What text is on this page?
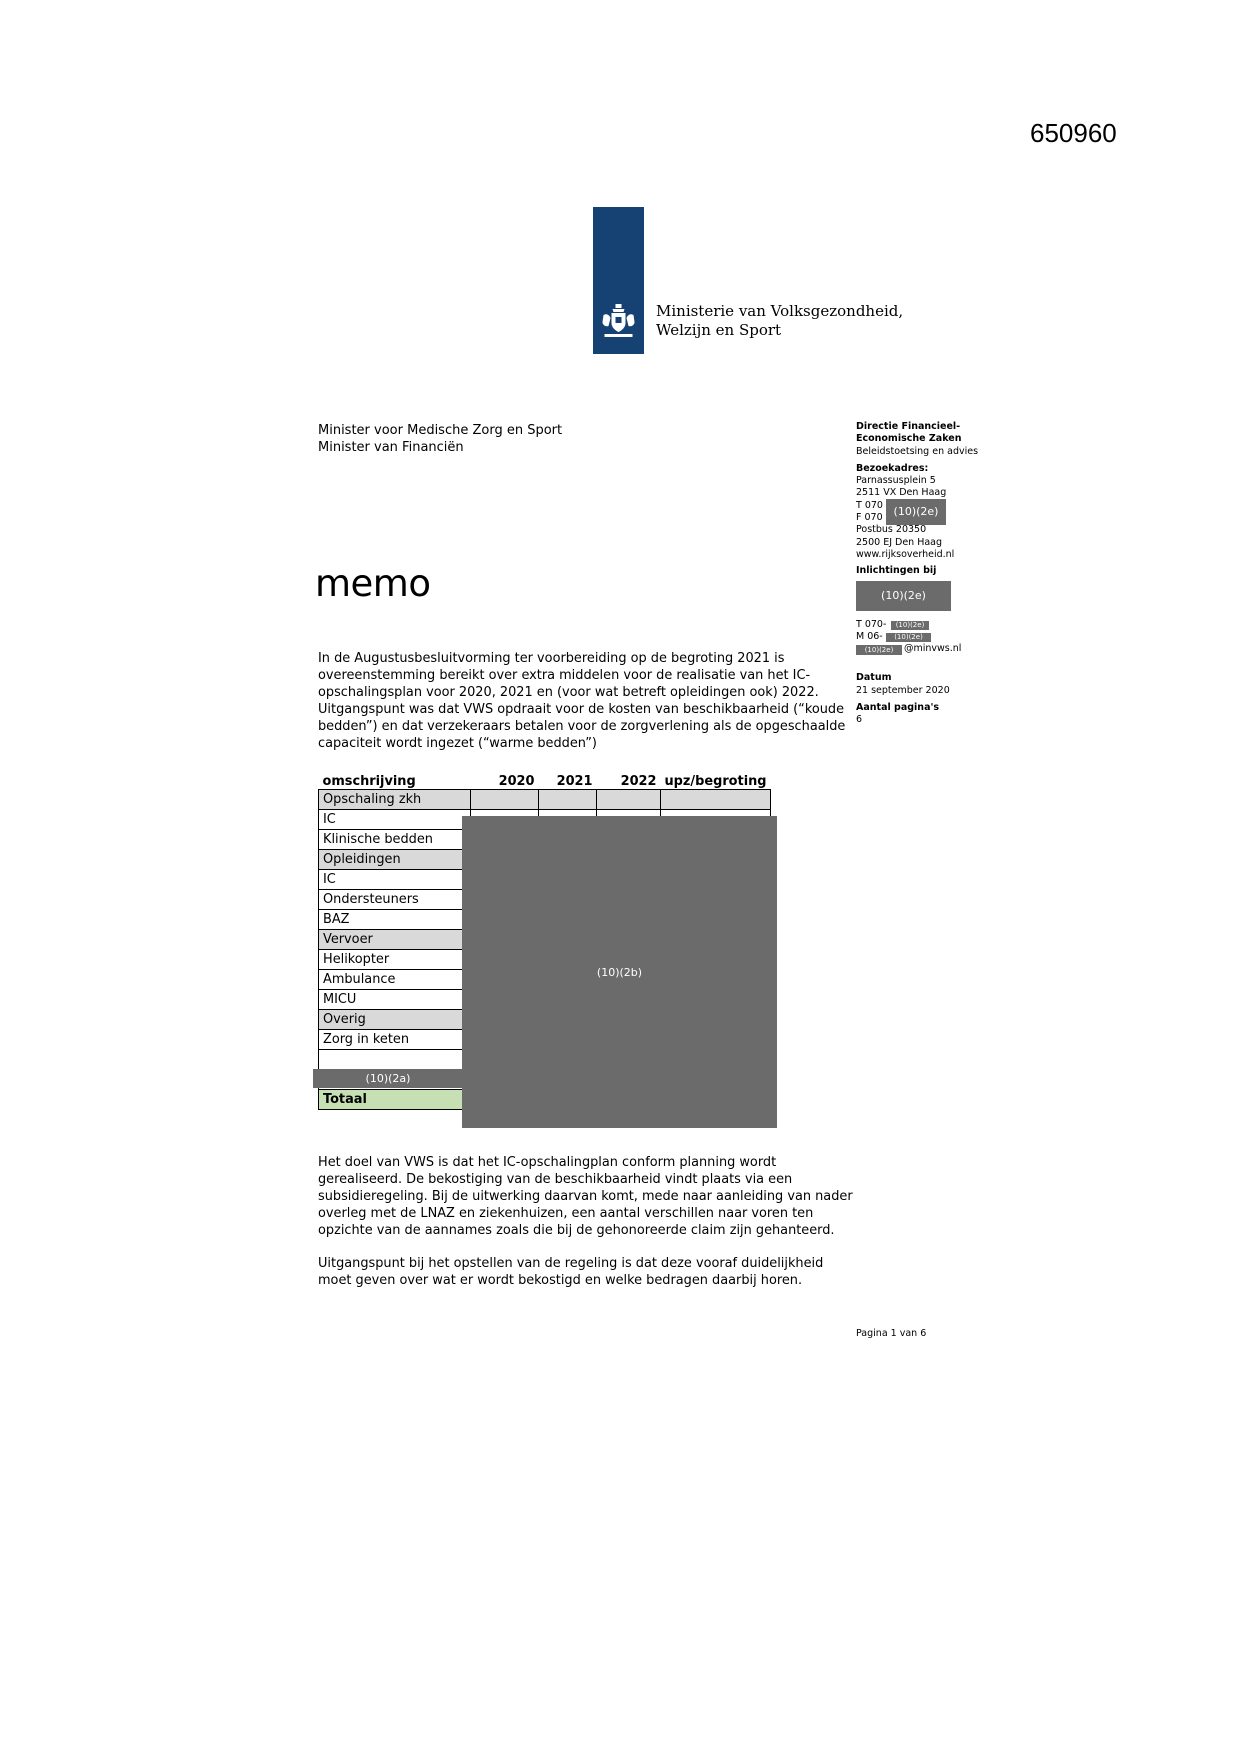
650960
Ministerie van Volksgezondheid,
Welzijn en Sport
Minister voor Medische Zorg en Sport
Minister van Financiën
memo
Directie Financieel-
Economische Zaken
Beleidstoetsing en advies
Bezoekadres:
Parnassusplein 5
2511 VX Den Haag
T 070
F 070 (10)(2e)
Postbus 20350
2500 EJ Den Haag
www.rijksoverheid.nl
Inlichtingen bij
(10)(2e)
T 070-	(10)(2e)
M 06-	(10)(2e)
@minvws.nl
(10)(2e)
Datum
21 september 2020
Aantal pagina's
6
In de Augustusbesluitvorming ter voorbereiding op de begroting 2021 is
overeenstemming bereikt over extra middelen voor de realisatie van het IC-
opschalingsplan voor 2020, 2021 en (voor wat betreft opleidingen ook) 2022.
Uitgangspunt was dat VWS opdraait voor de kosten van beschikbaarheid (“koude
bedden”) en dat verzekeraars betalen voor de zorgverlening als de opgeschaalde
capaciteit wordt ingezet (“warme bedden”)
omschrijving	2020	2021	2022	upz/begroting
Opschaling zkh				
IC				
Klinische bedden				
Opleidingen				
IC				
Ondersteuners				
BAZ				
Vervoer				
Helikopter				
Ambulance				
MICU				
Overig				
Zorg in keten				

Totaal				
(10)(2b)
(10)(2a)
Het doel van VWS is dat het IC-opschalingplan conform planning wordt
gerealiseerd. De bekostiging van de beschikbaarheid vindt plaats via een
subsidieregeling. Bij de uitwerking daarvan komt, mede naar aanleiding van nader
overleg met de LNAZ en ziekenhuizen, een aantal verschillen naar voren ten
opzichte van de aannames zoals die bij de gehonoreerde claim zijn gehanteerd.
Uitgangspunt bij het opstellen van de regeling is dat deze vooraf duidelijkheid
moet geven over wat er wordt bekostigd en welke bedragen daarbij horen.
Pagina 1 van 6
